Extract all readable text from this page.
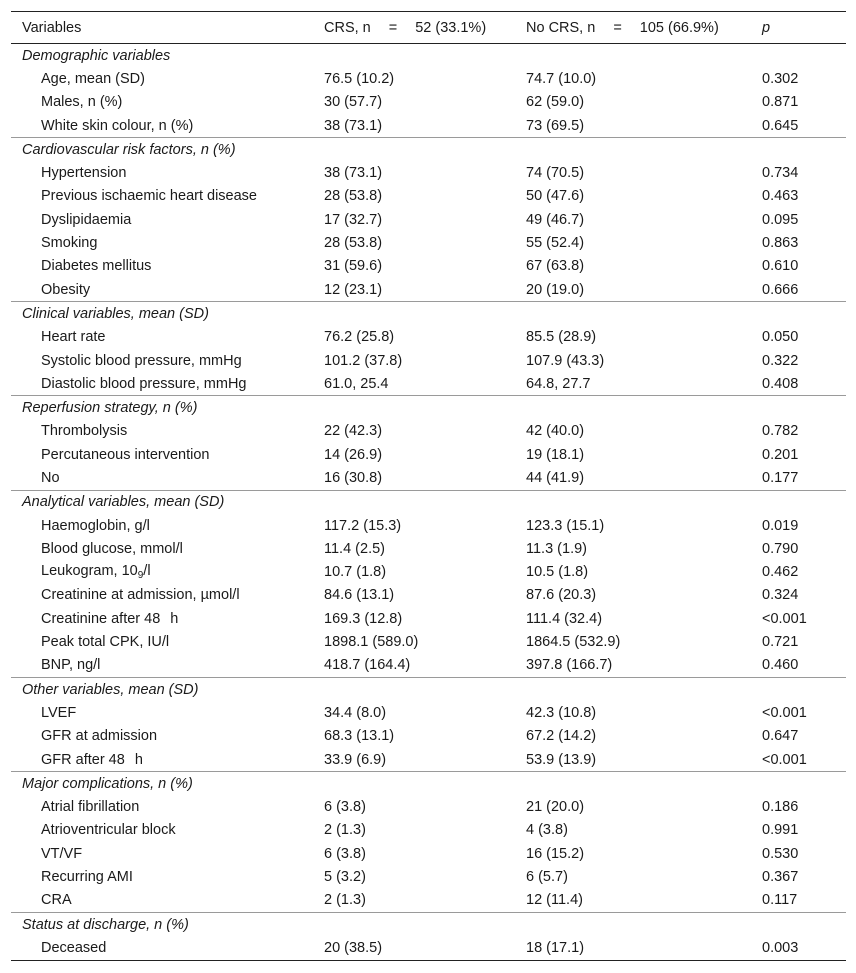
Variables	CRS, n = 52 (33.1%)	No CRS, n = 105 (66.9%)	p
Demographic variables			
Age, mean (SD)	76.5 (10.2)	74.7 (10.0)	0.302
Males, n (%)	30 (57.7)	62 (59.0)	0.871
White skin colour, n (%)	38 (73.1)	73 (69.5)	0.645
Cardiovascular risk factors, n (%)			
Hypertension	38 (73.1)	74 (70.5)	0.734
Previous ischaemic heart disease	28 (53.8)	50 (47.6)	0.463
Dyslipidaemia	17 (32.7)	49 (46.7)	0.095
Smoking	28 (53.8)	55 (52.4)	0.863
Diabetes mellitus	31 (59.6)	67 (63.8)	0.610
Obesity	12 (23.1)	20 (19.0)	0.666
Clinical variables, mean (SD)			
Heart rate	76.2 (25.8)	85.5 (28.9)	0.050
Systolic blood pressure, mmHg	101.2 (37.8)	107.9 (43.3)	0.322
Diastolic blood pressure, mmHg	61.0, 25.4	64.8, 27.7	0.408
Reperfusion strategy, n (%)			
Thrombolysis	22 (42.3)	42 (40.0)	0.782
Percutaneous intervention	14 (26.9)	19 (18.1)	0.201
No	16 (30.8)	44 (41.9)	0.177
Analytical variables, mean (SD)			
Haemoglobin, g/l	117.2 (15.3)	123.3 (15.1)	0.019
Blood glucose, mmol/l	11.4 (2.5)	11.3 (1.9)	0.790
Leukogram, $10_9/l$	10.7 (1.8)	10.5 (1.8)	0.462
Creatinine at admission, µmol/l	84.6 (13.1)	87.6 (20.3)	0.324
Creatinine after 48 h	169.3 (12.8)	111.4 (32.4)	<0.001
Peak total CPK, IU/l	1898.1 (589.0)	1864.5 (532.9)	0.721
BNP, ng/l	418.7 (164.4)	397.8 (166.7)	0.460
Other variables, mean (SD)			
LVEF	34.4 (8.0)	42.3 (10.8)	<0.001
GFR at admission	68.3 (13.1)	67.2 (14.2)	0.647
GFR after 48 h	33.9 (6.9)	53.9 (13.9)	<0.001
Major complications, n (%)			
Atrial fibrillation	6 (3.8)	21 (20.0)	0.186
Atrioventricular block	2 (1.3)	4 (3.8)	0.991
VT/VF	6 (3.8)	16 (15.2)	0.530
Recurring AMI	5 (3.2)	6 (5.7)	0.367
CRA	2 (1.3)	12 (11.4)	0.117
Status at discharge, n (%)			
Deceased	20 (38.5)	18 (17.1)	0.003
